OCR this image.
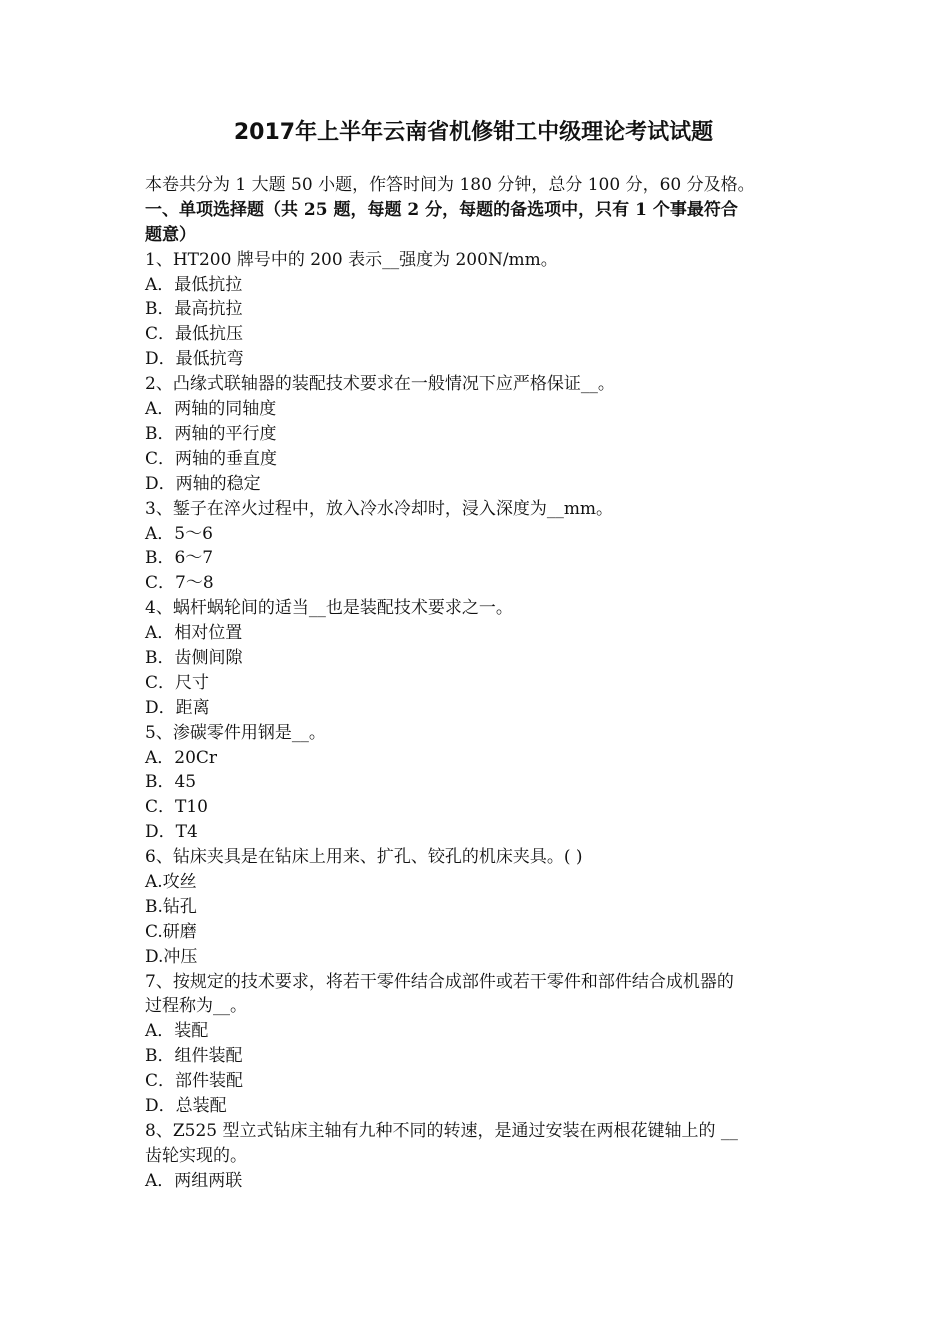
2017年上半年云南省机修钳工中级理论考试试题
本卷共分为 1 大题 50 小题，作答时间为 180 分钟，总分 100 分，60 分及格。
一、单项选择题（共 25 题，每题 2 分，每题的备选项中，只有 1 个事最符合
题意）
1、HT200 牌号中的 200 表示__强度为 200N/mm。
A．最低抗拉
B．最高抗拉
C．最低抗压
D．最低抗弯
2、凸缘式联轴器的装配技术要求在一般情况下应严格保证__。
A．两轴的同轴度
B．两轴的平行度
C．两轴的垂直度
D．两轴的稳定
3、錾子在淬火过程中，放入冷水冷却时，浸入深度为__mm。
A．5～6
B．6～7
C．7～8
4、蜗杆蜗轮间的适当__也是装配技术要求之一。
A．相对位置
B．齿侧间隙
C．尺寸
D．距离
5、渗碳零件用钢是__。
A．20Cr
B．45
C．T10
D．T4
6、钻床夹具是在钻床上用来、扩孔、铰孔的机床夹具。( )
A.攻丝
B.钻孔
C.研磨
D.冲压
7、按规定的技术要求，将若干零件结合成部件或若干零件和部件结合成机器的
过程称为__。
A．装配
B．组件装配
C．部件装配
D．总装配
8、Z525 型立式钻床主轴有九种不同的转速，是通过安装在两根花键轴上的 __
齿轮实现的。
A．两组两联
